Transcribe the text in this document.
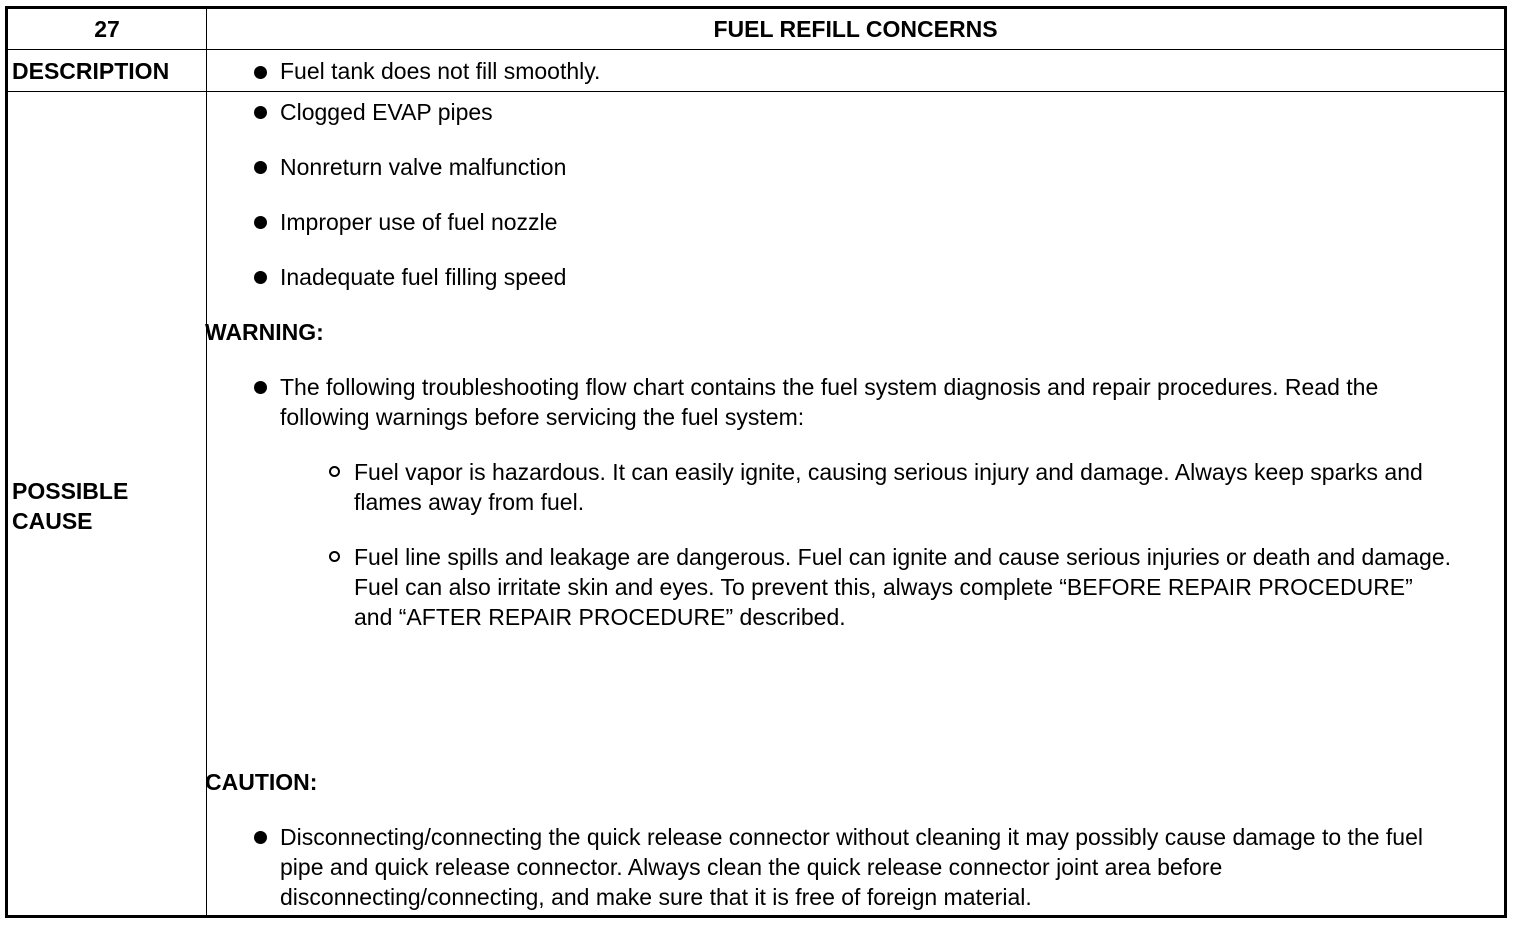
27	FUEL REFILL CONCERNS
DESCRIPTION
POSSIBLE
CAUSE
Fuel tank does not fill smoothly.
Clogged EVAP pipes
Nonreturn valve malfunction
Improper use of fuel nozzle
Inadequate fuel filling speed
WARNING:
The following troubleshooting flow chart contains the fuel system diagnosis and repair procedures. Read the following warnings before servicing the fuel system:
Fuel vapor is hazardous. It can easily ignite, causing serious injury and damage. Always keep sparks and flames away from fuel.
Fuel line spills and leakage are dangerous. Fuel can ignite and cause serious injuries or death and damage. Fuel can also irritate skin and eyes. To prevent this, always complete “BEFORE REPAIR PROCEDURE” and “AFTER REPAIR PROCEDURE” described.
CAUTION:
Disconnecting/connecting the quick release connector without cleaning it may possibly cause damage to the fuel pipe and quick release connector. Always clean the quick release connector joint area before disconnecting/connecting, and make sure that it is free of foreign material.
